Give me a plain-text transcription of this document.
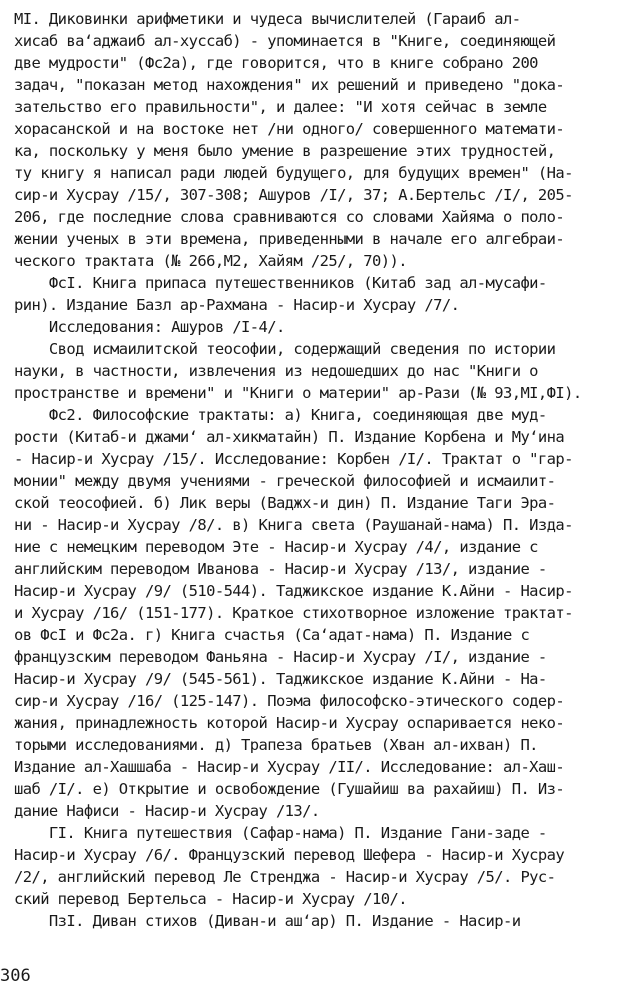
МI. Диковинки арифметики и чудеса вычислителей (Гараиб ал-
хисаб ва‘аджаиб ал-хуссаб) - упоминается в "Книге, соединяющей
две мудрости" (Фс2а), где говорится, что в книге собрано 200
задач, "показан метод нахождения" их решений и приведено "дока-
зательство его правильности", и далее: "И хотя сейчас в земле
хорасанской и на востоке нет /ни одного/ совершенного математи-
ка, поскольку у меня было умение в разрешение этих трудностей,
ту книгу я написал ради людей будущего, для будущих времен" (На-
сир-и Хусрау /15/, 307-308; Ашуров /I/, 37; А.Бертельс /I/, 205-
206, где последние слова сравниваются со словами Хайяма о поло-
жении ученых в эти времена, приведенными в начале его алгебраи-
ческого трактата (№ 266,М2, Хайям /25/, 70)).
ФсI. Книга припаса путешественников (Китаб зад ал-мусафи-
рин). Издание Базл ар-Рахмана - Насир-и Хусрау /7/.
Исследования: Ашуров /I-4/.
Свод исмаилитской теософии, содержащий сведения по истории
науки, в частности, извлечения из недошедших до нас "Книги о
пространстве и времени" и "Книги о материи" ар-Рази (№ 93,МI,ФI).
Фс2. Философские трактаты: а) Книга, соединяющая две муд-
рости (Китаб-и джами‘ ал-хикматайн) П. Издание Корбена и Му‘ина
- Насир-и Хусрау /15/. Исследование: Корбен /I/. Трактат о "гар-
монии" между двумя учениями - греческой философией и исмаилит-
ской теософией. б) Лик веры (Ваджх-и дин) П. Издание Таги Эра-
ни - Насир-и Хусрау /8/. в) Книга света (Раушанай-нама) П. Изда-
ние с немецким переводом Эте - Насир-и Хусрау /4/, издание с
английским переводом Иванова - Насир-и Хусрау /13/, издание -
Насир-и Хусрау /9/ (510-544). Таджикское издание К.Айни - Насир-
и Хусрау /16/ (151-177). Краткое стихотворное изложение трактат-
ов ФсI и Фс2а. г) Книга счастья (Са‘адат-нама) П. Издание с
французским переводом Фаньяна - Насир-и Хусрау /I/, издание -
Насир-и Хусрау /9/ (545-561). Таджикское издание К.Айни - На-
сир-и Хусрау /16/ (125-147). Поэма философско-этического содер-
жания, принадлежность которой Насир-и Хусрау оспаривается неко-
торыми исследованиями. д) Трапеза братьев (Хван ал-ихван) П.
Издание ал-Хашшаба - Насир-и Хусрау /II/. Исследование: ал-Хаш-
шаб /I/. е) Открытие и освобождение (Гушайиш ва рахайиш) П. Из-
дание Нафиси - Насир-и Хусрау /13/.
ГI. Книга путешествия (Сафар-нама) П. Издание Гани-заде -
Насир-и Хусрау /6/. Французский перевод Шефера - Насир-и Хусрау
/2/, английский перевод Ле Стренджа - Насир-и Хусрау /5/. Рус-
ский перевод Бертельса - Насир-и Хусрау /10/.
ПзI. Диван стихов (Диван-и аш‘ар) П. Издание - Насир-и
306
